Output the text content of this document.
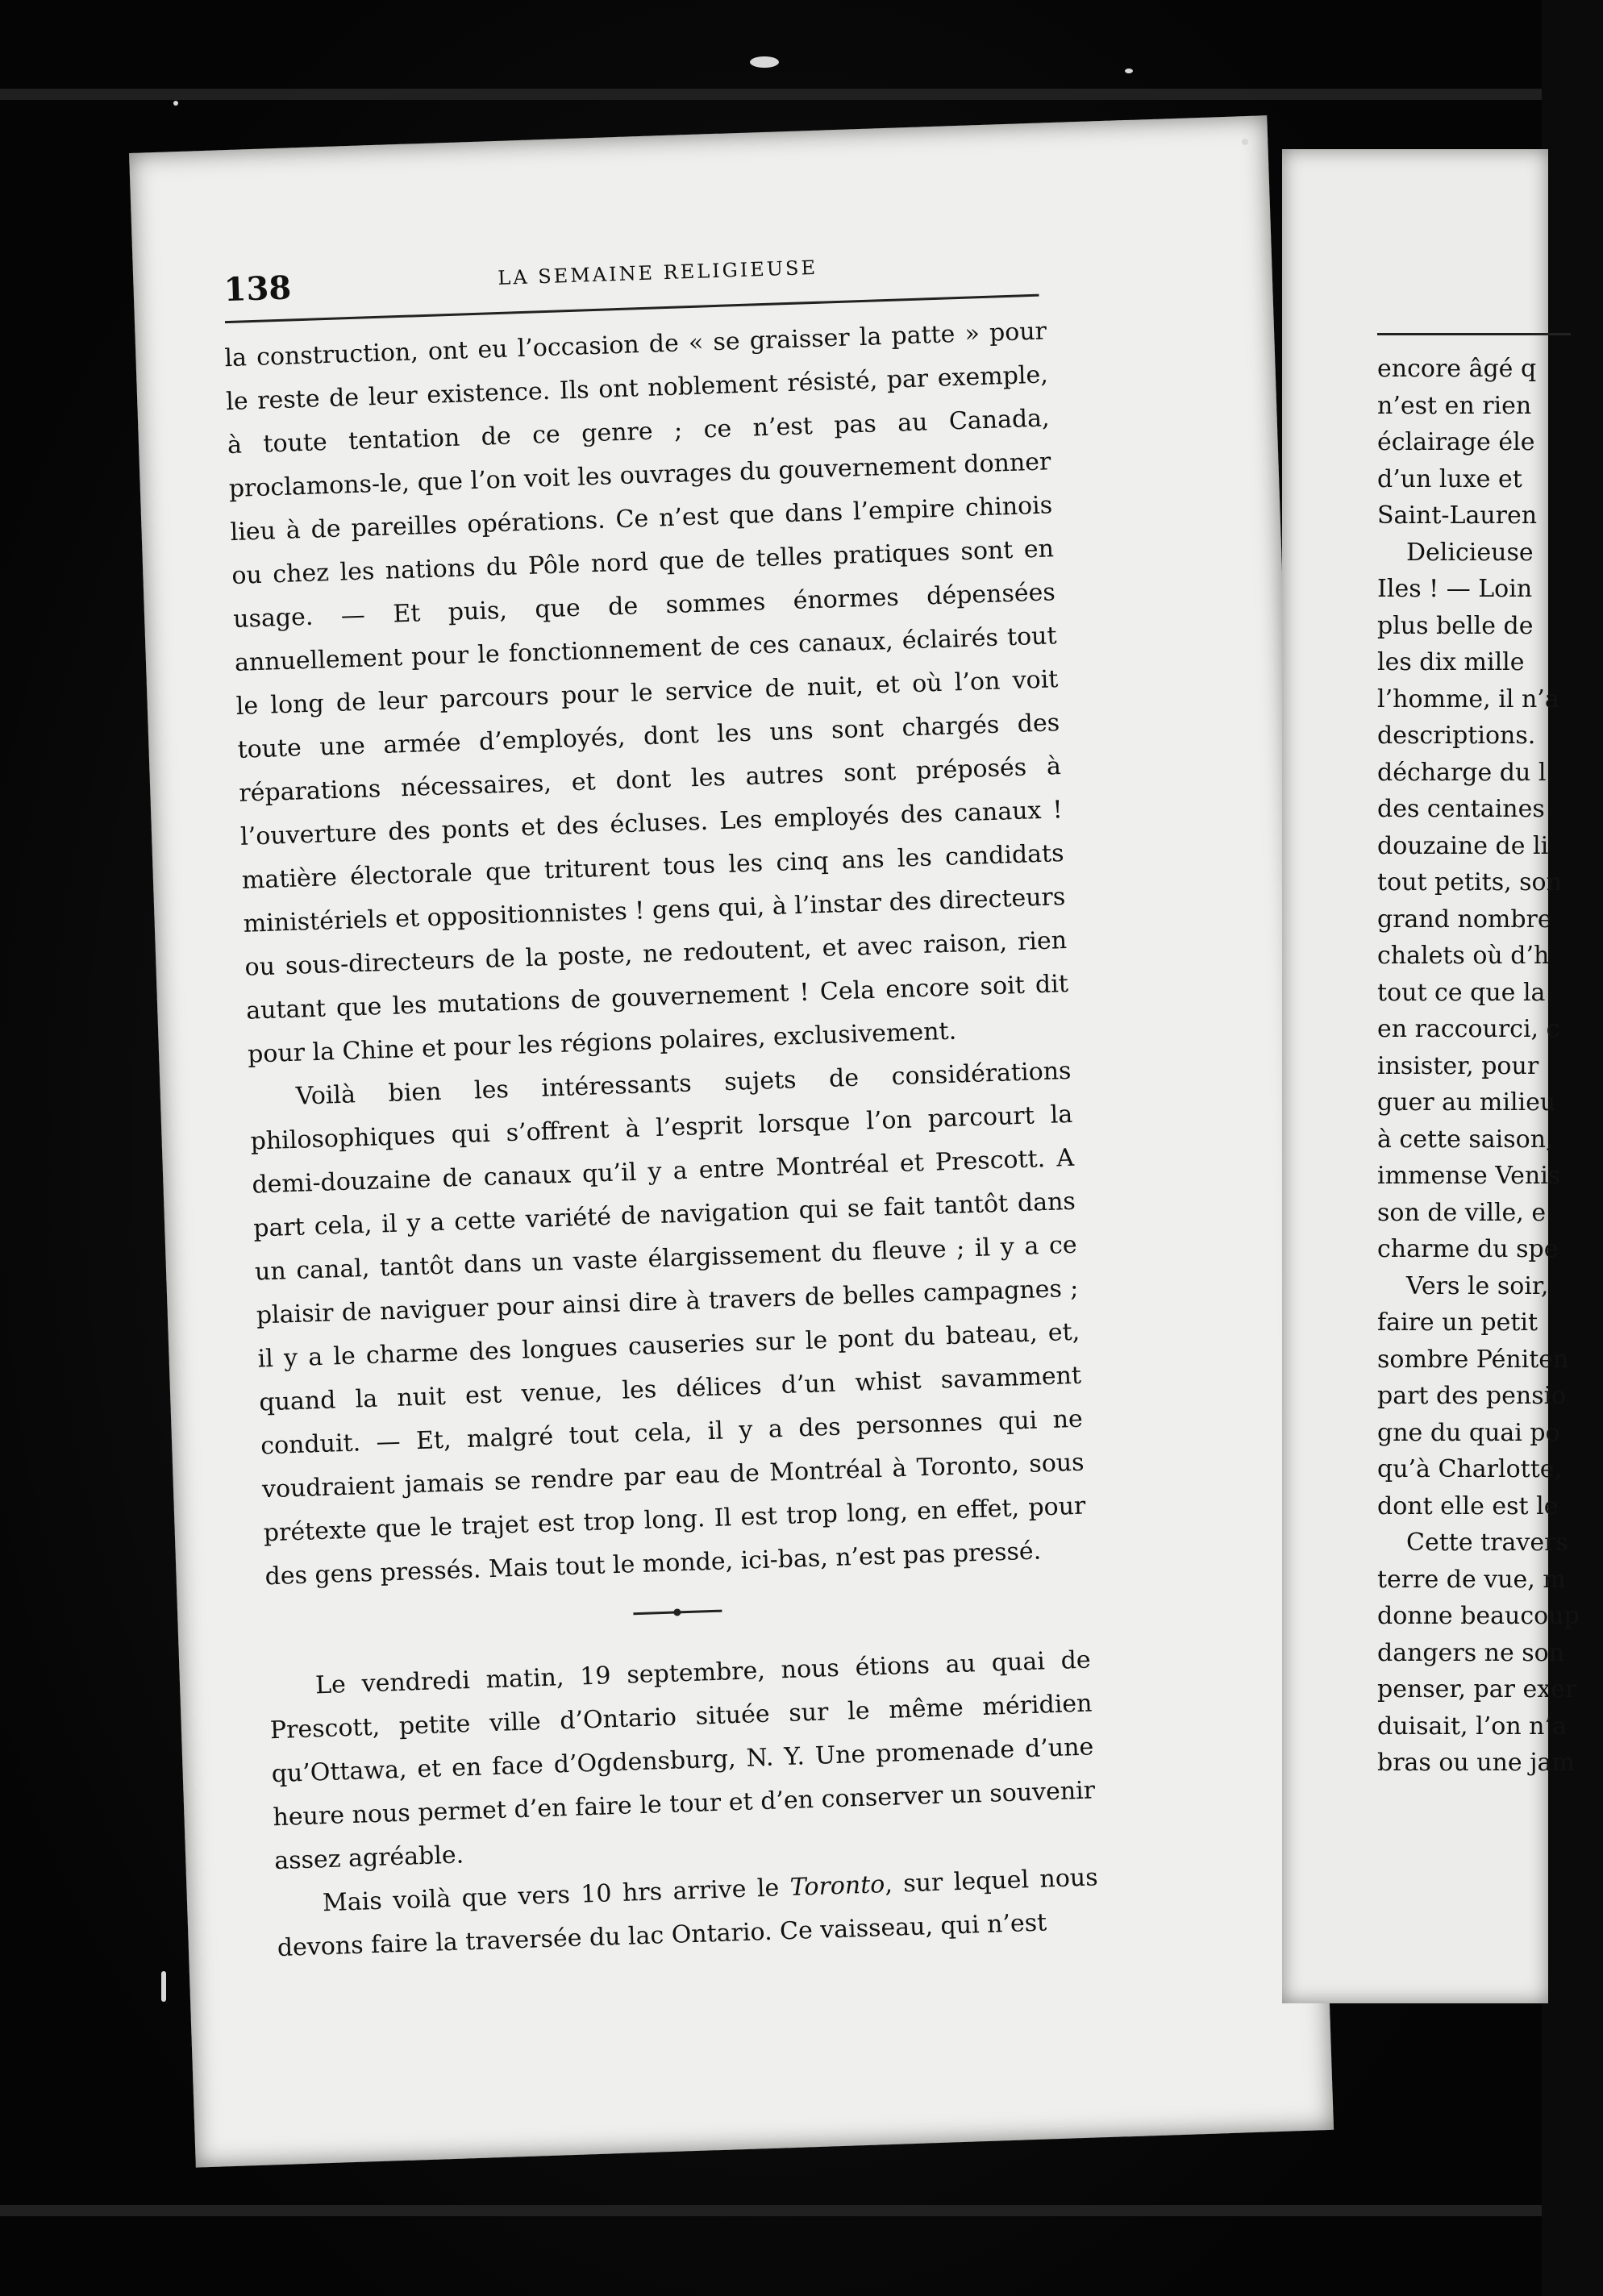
138	LA SEMAINE RELIGIEUSE

la construction, ont eu l’occasion de « se graisser la patte » pour le reste de leur existence. Ils ont noblement résisté, par exemple, à toute tentation de ce genre ; ce n’est pas au Canada, proclamons-le, que l’on voit les ouvrages du gouvernement donner lieu à de pareilles opérations. Ce n’est que dans l’empire chinois ou chez les nations du Pôle nord que de telles pratiques sont en usage. — Et puis, que de sommes énormes dépensées annuellement pour le fonctionnement de ces canaux, éclairés tout le long de leur parcours pour le service de nuit, et où l’on voit toute une armée d’employés, dont les uns sont chargés des réparations nécessaires, et dont les autres sont préposés à l’ouverture des ponts et des écluses. Les employés des canaux ! matière électorale que triturent tous les cinq ans les candidats ministériels et oppositionnistes ! gens qui, à l’instar des directeurs ou sous-directeurs de la poste, ne redoutent, et avec raison, rien autant que les mutations de gouvernement ! Cela encore soit dit pour la Chine et pour les régions polaires, exclusivement.

Voilà bien les intéressants sujets de considérations philosophiques qui s’offrent à l’esprit lorsque l’on parcourt la demi-douzaine de canaux qu’il y a entre Montréal et Prescott. A part cela, il y a cette variété de navigation qui se fait tantôt dans un canal, tantôt dans un vaste élargissement du fleuve ; il y a ce plaisir de naviguer pour ainsi dire à travers de belles campagnes ; il y a le charme des longues causeries sur le pont du bateau, et, quand la nuit est venue, les délices d’un whist savamment conduit. — Et, malgré tout cela, il y a des personnes qui ne voudraient jamais se rendre par eau de Montréal à Toronto, sous prétexte que le trajet est trop long. Il est trop long, en effet, pour des gens pressés. Mais tout le monde, ici-bas, n’est pas pressé.

Le vendredi matin, 19 septembre, nous étions au quai de Prescott, petite ville d’Ontario située sur le même méridien qu’Ottawa, et en face d’Ogdensburg, N. Y. Une promenade d’une heure nous permet d’en faire le tour et d’en conserver un souvenir assez agréable.

Mais voilà que vers 10 hrs arrive le Toronto, sur lequel nous devons faire la traversée du lac Ontario. Ce vaisseau, qui n’est

encore âgé q
n’est en rien
éclairage éle
d’un luxe et
Saint-Lauren
Delicieuse
Iles ! — Loin
plus belle de
les dix mille
l’homme, il n’a
descriptions.
décharge du l
des centaines
douzaine de li
tout petits, son
grand nombre
chalets où d’h
tout ce que la
en raccourci, c
insister, pour
guer au milieu
à cette saison,
immense Venis
son de ville, e
charme du spe
Vers le soir,
faire un petit
sombre Péniten
part des pensio
gne du quai po
qu’à Charlotte,
dont elle est le
Cette travers
terre de vue, m
donne beaucoup
dangers ne son
penser, par exer
duisait, l’on n’a
bras ou une jam
